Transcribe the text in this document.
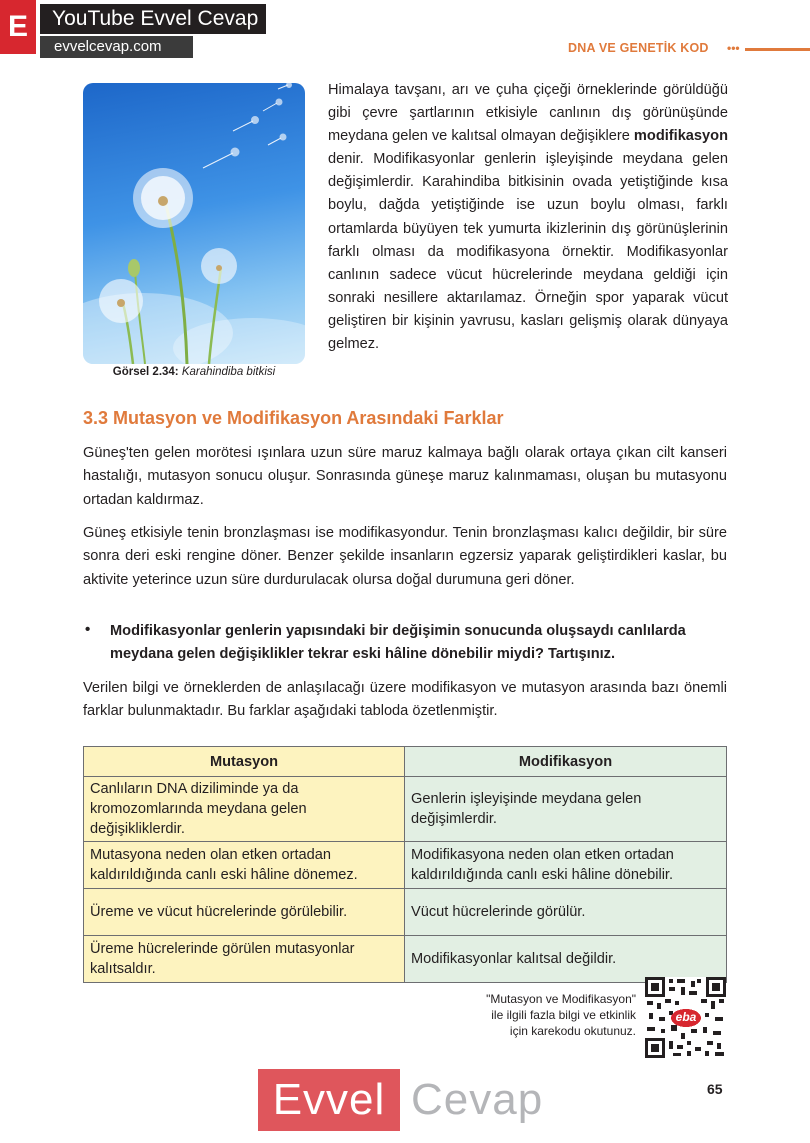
E	YouTube Evvel Cevap
evvelcevap.com	DNA VE GENETİK KOD •••
Görsel 2.34: Karahindiba bitkisi
Himalaya tavşanı, arı ve çuha çiçeği örneklerinde görüldüğü gibi çevre şartlarının etkisiyle canlının dış görünüşünde meydana gelen ve kalıtsal olmayan değişiklere modifikasyon denir. Modifikasyonlar genlerin işleyişinde meydana gelen değişimlerdir. Karahindiba bitkisinin ovada yetiştiğinde kısa boylu, dağda yetiştiğinde ise uzun boylu olması, farklı ortamlarda büyüyen tek yumurta ikizlerinin dış görünüşlerinin farklı olması da modifikasyona örnektir. Modifikasyonlar canlının sadece vücut hücrelerinde meydana geldiği için sonraki nesillere aktarılamaz. Örneğin spor yaparak vücut geliştiren bir kişinin yavrusu, kasları gelişmiş olarak dünyaya gelmez.
3.3 Mutasyon ve Modifikasyon Arasındaki Farklar
Güneş'ten gelen morötesi ışınlara uzun süre maruz kalmaya bağlı olarak ortaya çıkan cilt kanseri hastalığı, mutasyon sonucu oluşur. Sonrasında güneşe maruz kalınmaması, oluşan bu mutasyonu ortadan kaldırmaz.
Güneş etkisiyle tenin bronzlaşması ise modifikasyondur. Tenin bronzlaşması kalıcı değildir, bir süre sonra deri eski rengine döner. Benzer şekilde insanların egzersiz yaparak geliştirdikleri kaslar, bu aktivite yeterince uzun süre durdurulacak olursa doğal durumuna geri döner.
• Modifikasyonlar genlerin yapısındaki bir değişimin sonucunda oluşsaydı canlılarda meydana gelen değişiklikler tekrar eski hâline dönebilir miydi? Tartışınız.
Verilen bilgi ve örneklerden de anlaşılacağı üzere modifikasyon ve mutasyon arasında bazı önemli farklar bulunmaktadır. Bu farklar aşağıdaki tabloda özetlenmiştir.
Mutasyon	Modifikasyon
Canlıların DNA diziliminde ya da kromozomlarında meydana gelen değişikliklerdir.	Genlerin işleyişinde meydana gelen değişimlerdir.
Mutasyona neden olan etken ortadan kaldırıldığında canlı eski hâline dönemez.	Modifikasyona neden olan etken ortadan kaldırıldığında canlı eski hâline dönebilir.
Üreme ve vücut hücrelerinde görülebilir.	Vücut hücrelerinde görülür.
Üreme hücrelerinde görülen mutasyonlar kalıtsaldır.	Modifikasyonlar kalıtsal değildir.
"Mutasyon ve Modifikasyon"
ile ilgili fazla bilgi ve etkinlik
için karekodu okutunuz.
eba
65
Evvel Cevap
